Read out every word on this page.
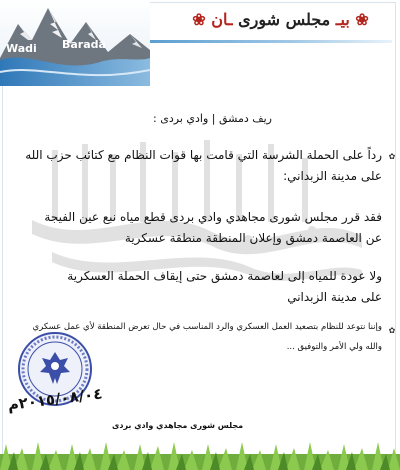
Wadi Barada
❀ بيـ مجلس شورى ـان ❀
ريف دمشق | وادي بردى :
✿
رداً على الحملة الشرسة التي قامت بها قوات النظام مع كتائب حزب الله
على مدينة الزبداني:
فقد قرر مجلس شورى مجاهدي وادي بردى قطع مياه نبع عين الفيجة
عن العاصمة دمشق وإعلان المنطقة منطقة عسكرية
ولا عودة للمياه إلى لعاصمة دمشق حتى إيقاف الحملة العسكرية
على مدينة الزبداني
✿
وإننا نتوعد للنظام بتصعيد العمل العسكري والرد المناسب في حال تعرض المنطقة لأي عمل عسكري
والله ولي الأمر والتوفيق ...
٢٠١٥/٠٨/٠٤م
مجلس شورى مجاهدي وادي بردى
